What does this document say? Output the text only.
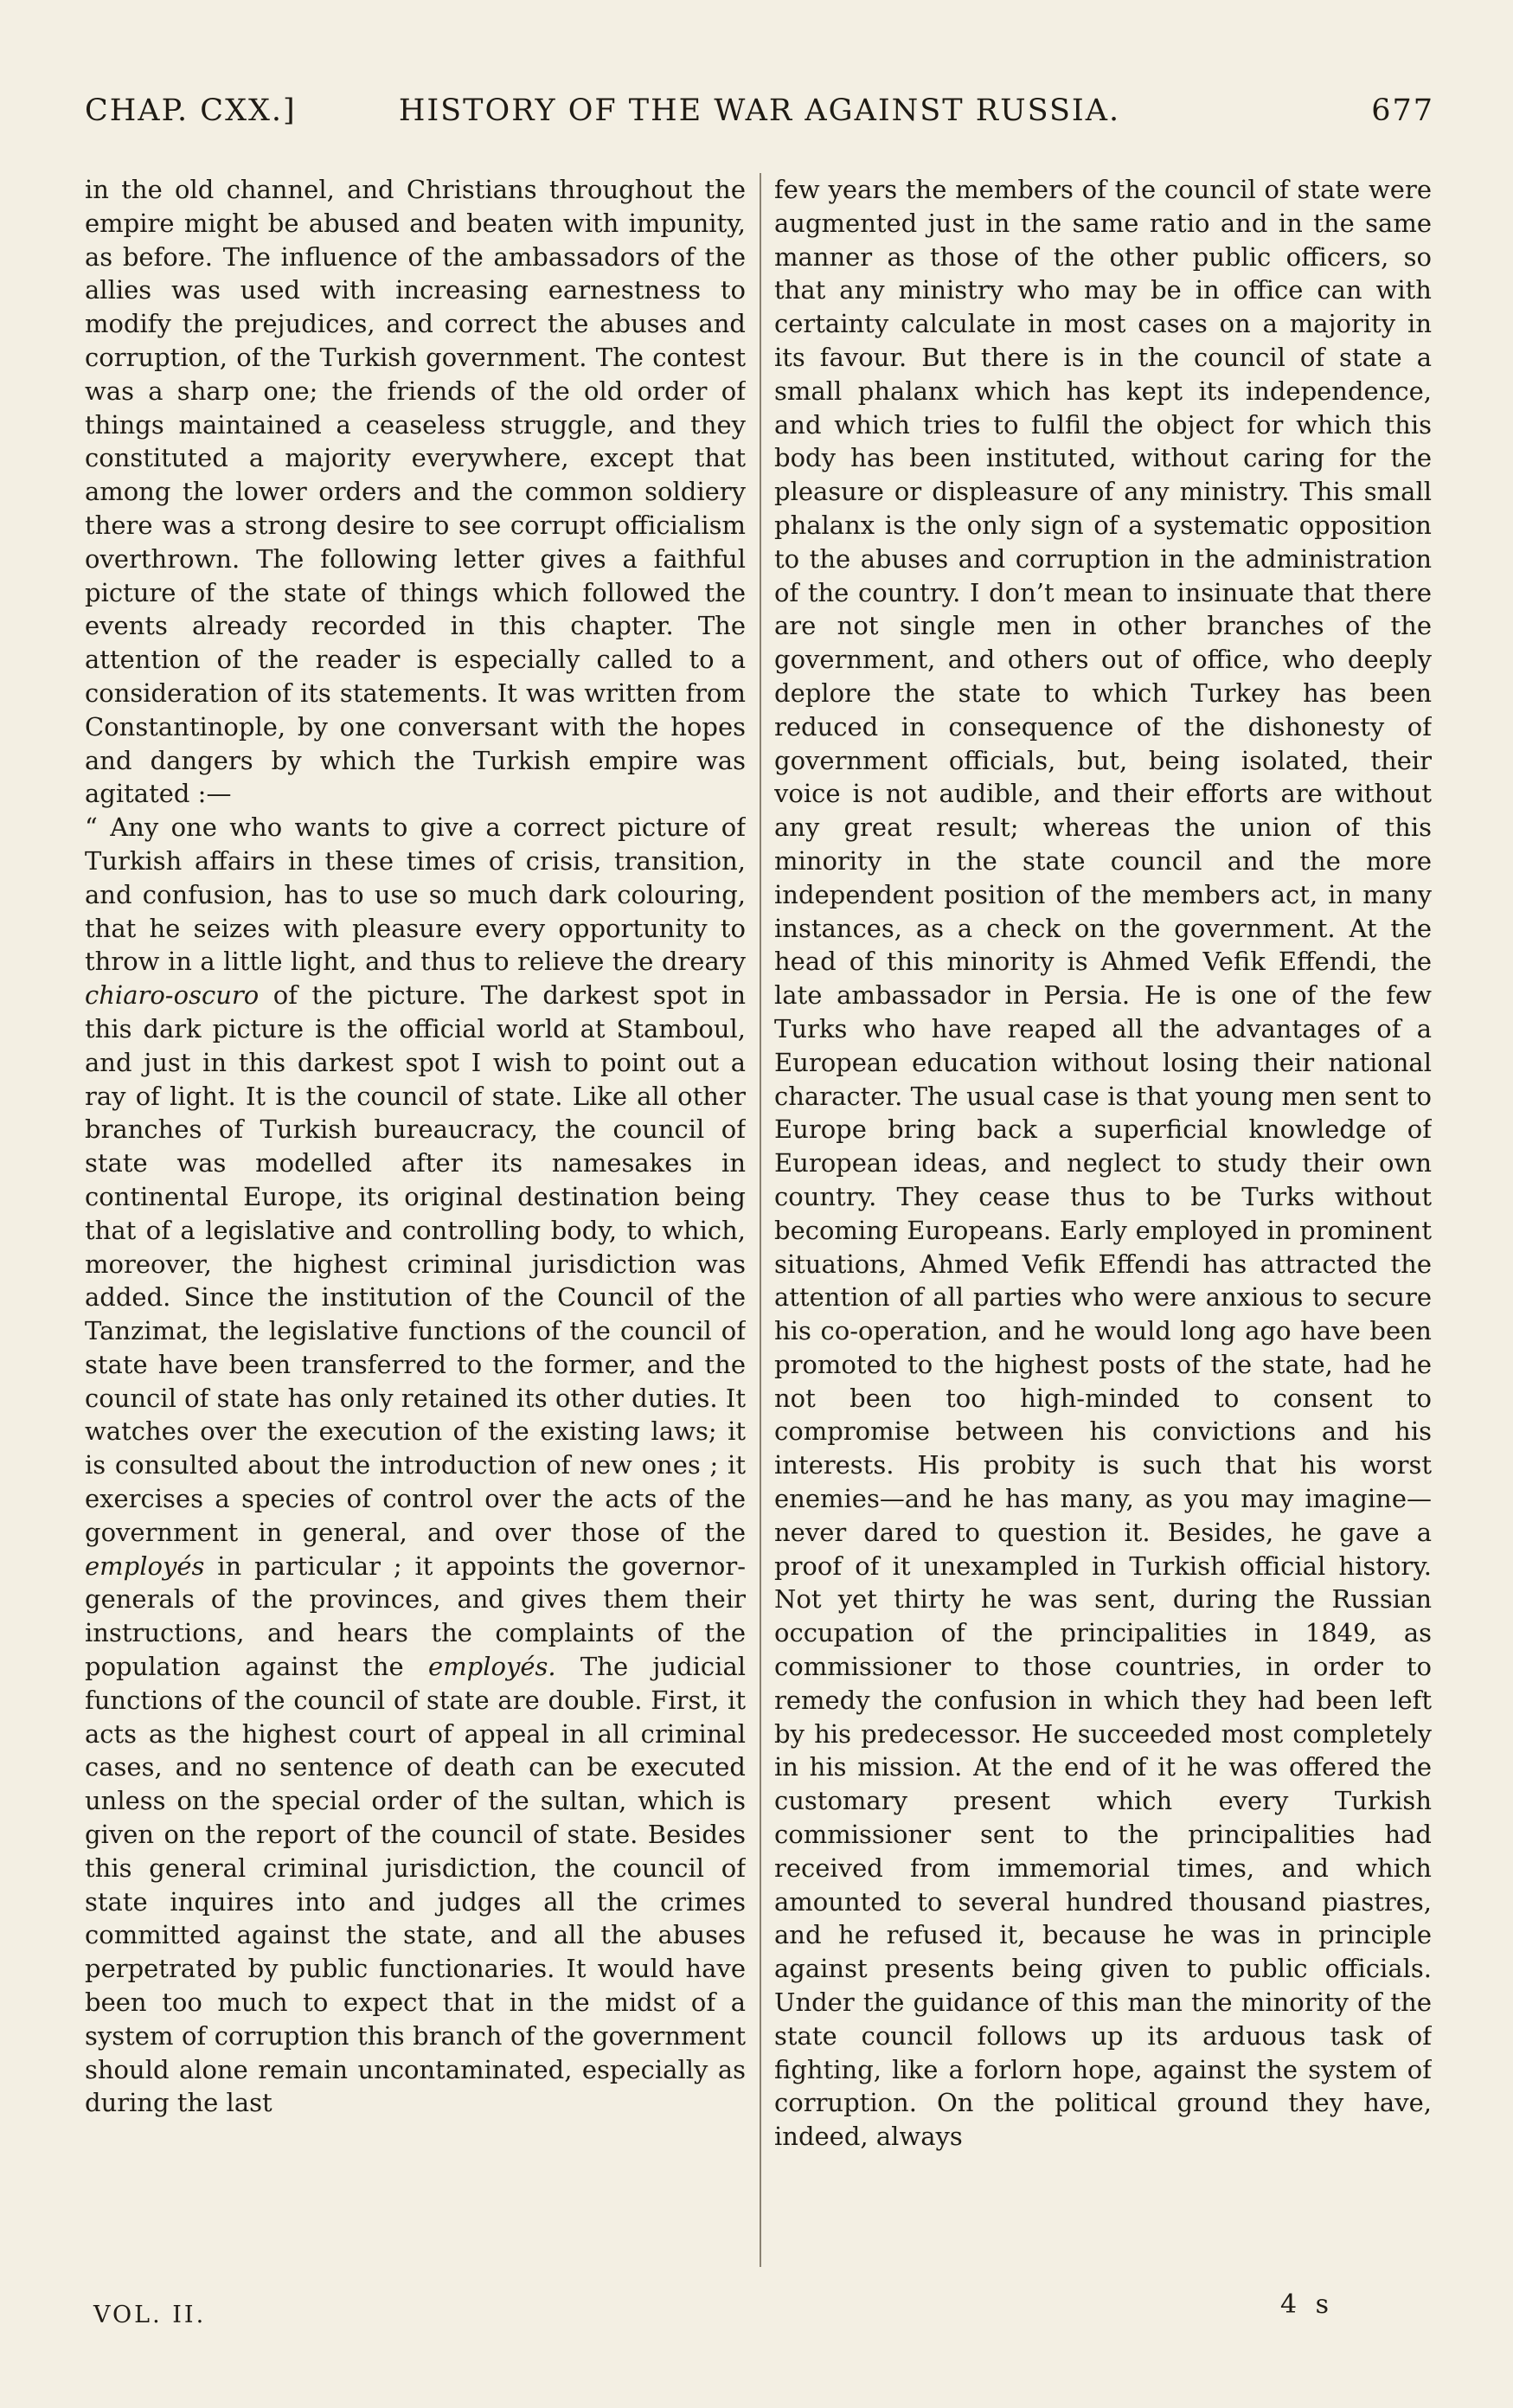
CHAP. CXX.]	HISTORY OF THE WAR AGAINST RUSSIA.	677

in the old channel, and Christians throughout the empire might be abused and beaten with impunity, as before. The influence of the ambassadors of the allies was used with increasing earnestness to modify the prejudices, and correct the abuses and corruption, of the Turkish government. The contest was a sharp one; the friends of the old order of things maintained a ceaseless struggle, and they constituted a majority everywhere, except that among the lower orders and the common soldiery there was a strong desire to see corrupt officialism overthrown. The following letter gives a faithful picture of the state of things which followed the events already recorded in this chapter. The attention of the reader is especially called to a consideration of its statements. It was written from Constantinople, by one conversant with the hopes and dangers by which the Turkish empire was agitated :—

“ Any one who wants to give a correct picture of Turkish affairs in these times of crisis, transition, and confusion, has to use so much dark colouring, that he seizes with pleasure every opportunity to throw in a little light, and thus to relieve the dreary chiaro-oscuro of the picture. The darkest spot in this dark picture is the official world at Stamboul, and just in this darkest spot I wish to point out a ray of light. It is the council of state. Like all other branches of Turkish bureaucracy, the council of state was modelled after its namesakes in continental Europe, its original destination being that of a legislative and controlling body, to which, moreover, the highest criminal jurisdiction was added. Since the institution of the Council of the Tanzimat, the legislative functions of the council of state have been transferred to the former, and the council of state has only retained its other duties. It watches over the execution of the existing laws; it is consulted about the introduction of new ones ; it exercises a species of control over the acts of the government in general, and over those of the employés in particular ; it appoints the governor-generals of the provinces, and gives them their instructions, and hears the complaints of the population against the employés. The judicial functions of the council of state are double. First, it acts as the highest court of appeal in all criminal cases, and no sentence of death can be executed unless on the special order of the sultan, which is given on the report of the council of state. Besides this general criminal jurisdiction, the council of state inquires into and judges all the crimes committed against the state, and all the abuses perpetrated by public functionaries. It would have been too much to expect that in the midst of a system of corruption this branch of the government should alone remain uncontaminated, especially as during the last

few years the members of the council of state were augmented just in the same ratio and in the same manner as those of the other public officers, so that any ministry who may be in office can with certainty calculate in most cases on a majority in its favour. But there is in the council of state a small phalanx which has kept its independence, and which tries to fulfil the object for which this body has been instituted, without caring for the pleasure or displeasure of any ministry. This small phalanx is the only sign of a systematic opposition to the abuses and corruption in the administration of the country. I don’t mean to insinuate that there are not single men in other branches of the government, and others out of office, who deeply deplore the state to which Turkey has been reduced in consequence of the dishonesty of government officials, but, being isolated, their voice is not audible, and their efforts are without any great result; whereas the union of this minority in the state council and the more independent position of the members act, in many instances, as a check on the government. At the head of this minority is Ahmed Vefik Effendi, the late ambassador in Persia. He is one of the few Turks who have reaped all the advantages of a European education without losing their national character. The usual case is that young men sent to Europe bring back a superficial knowledge of European ideas, and neglect to study their own country. They cease thus to be Turks without becoming Europeans. Early employed in prominent situations, Ahmed Vefik Effendi has attracted the attention of all parties who were anxious to secure his co-operation, and he would long ago have been promoted to the highest posts of the state, had he not been too high-minded to consent to compromise between his convictions and his interests. His probity is such that his worst enemies—and he has many, as you may imagine—never dared to question it. Besides, he gave a proof of it unexampled in Turkish official history. Not yet thirty he was sent, during the Russian occupation of the principalities in 1849, as commissioner to those countries, in order to remedy the confusion in which they had been left by his predecessor. He succeeded most completely in his mission. At the end of it he was offered the customary present which every Turkish commissioner sent to the principalities had received from immemorial times, and which amounted to several hundred thousand piastres, and he refused it, because he was in principle against presents being given to public officials. Under the guidance of this man the minority of the state council follows up its arduous task of fighting, like a forlorn hope, against the system of corruption. On the political ground they have, indeed, always

VOL. II.	4 s
